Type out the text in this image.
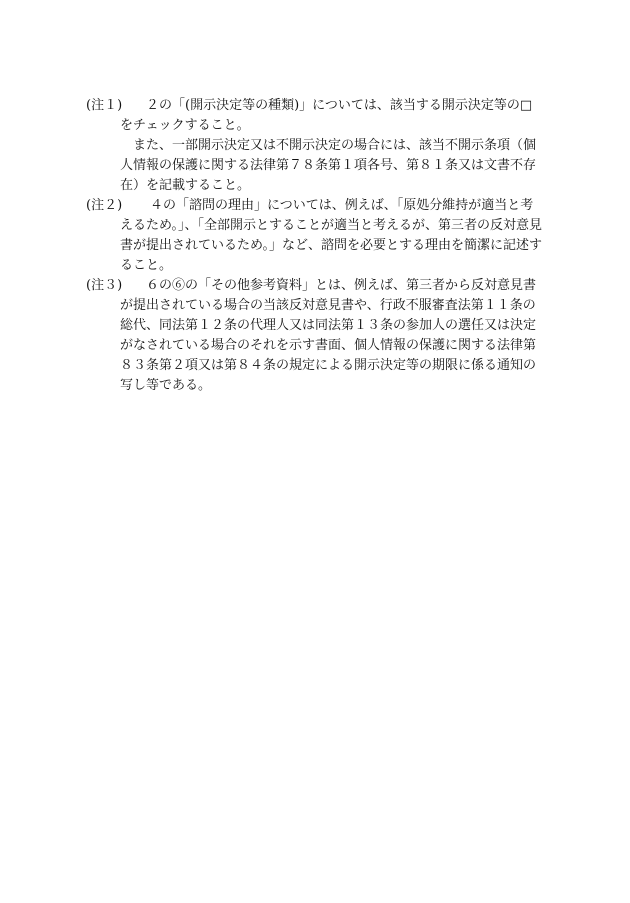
(注１)	２の「(開示決定等の種類)」については、該当する開示決定等の□
をチェックすること。

また、一部開示決定又は不開示決定の場合には、該当不開示条項（個
人情報の保護に関する法律第７８条第１項各号、第８１条又は文書不存
在）を記載すること。

(注２)	４の「諮問の理由」については、例えば、「原処分維持が適当と考
えるため。」、「全部開示とすることが適当と考えるが、第三者の反対意見
書が提出されているため。」など、諮問を必要とする理由を簡潔に記述す
ること。

(注３)	６の⑥の「その他参考資料」とは、例えば、第三者から反対意見書
が提出されている場合の当該反対意見書や、行政不服審査法第１１条の
総代、同法第１２条の代理人又は同法第１３条の参加人の選任又は決定
がなされている場合のそれを示す書面、個人情報の保護に関する法律第
８３条第２項又は第８４条の規定による開示決定等の期限に係る通知の
写し等である。
